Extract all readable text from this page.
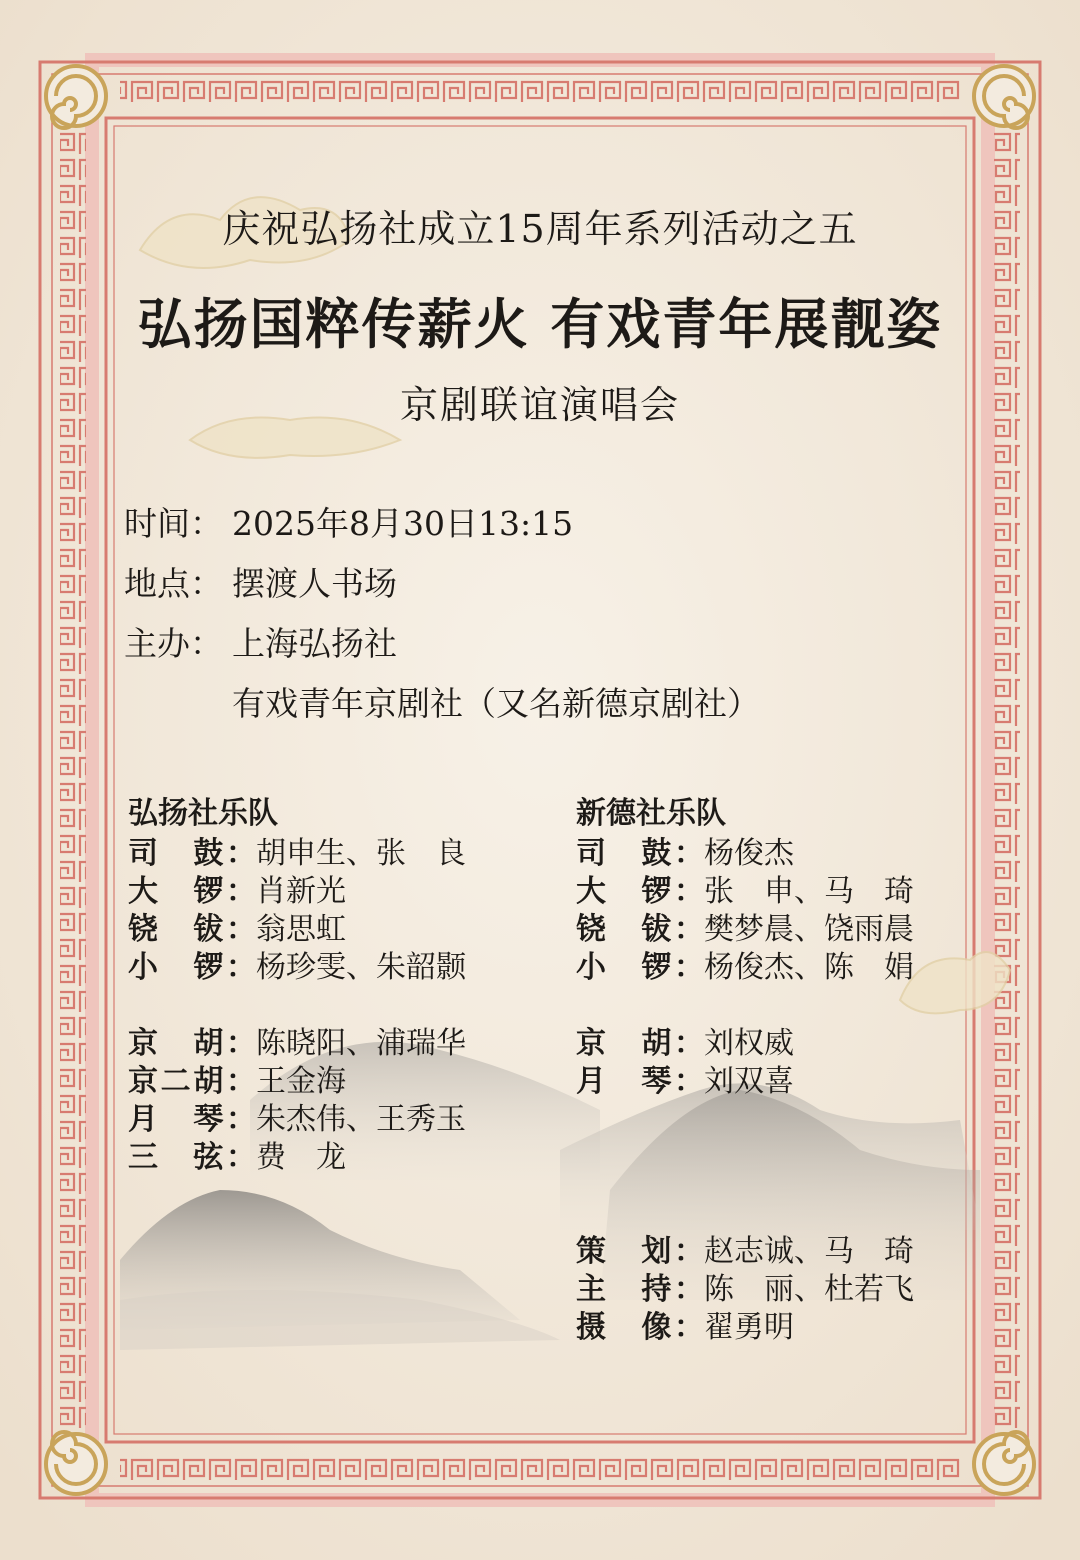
庆祝弘扬社成立15周年系列活动之五
弘扬国粹传薪火 有戏青年展靓姿
京剧联谊演唱会
时间： 2025年8月30日13:15
地点： 摆渡人书场
主办： 上海弘扬社
有戏青年京剧社（又名新德京剧社）
弘扬社乐队	新德社乐队
司　鼓：胡申生、张　良
大　锣：肖新光
铙　钹：翁思虹
小　锣：杨珍雯、朱韶颢
京　胡：陈晓阳、浦瑞华
京二胡：王金海
月　琴：朱杰伟、王秀玉
三　弦：费　龙
司　鼓：杨俊杰
大　锣：张　申、马　琦
铙　钹：樊梦晨、饶雨晨
小　锣：杨俊杰、陈　娟
京　胡：刘权威
月　琴：刘双喜
策　划：赵志诚、马　琦
主　持：陈　丽、杜若飞
摄　像：翟勇明
